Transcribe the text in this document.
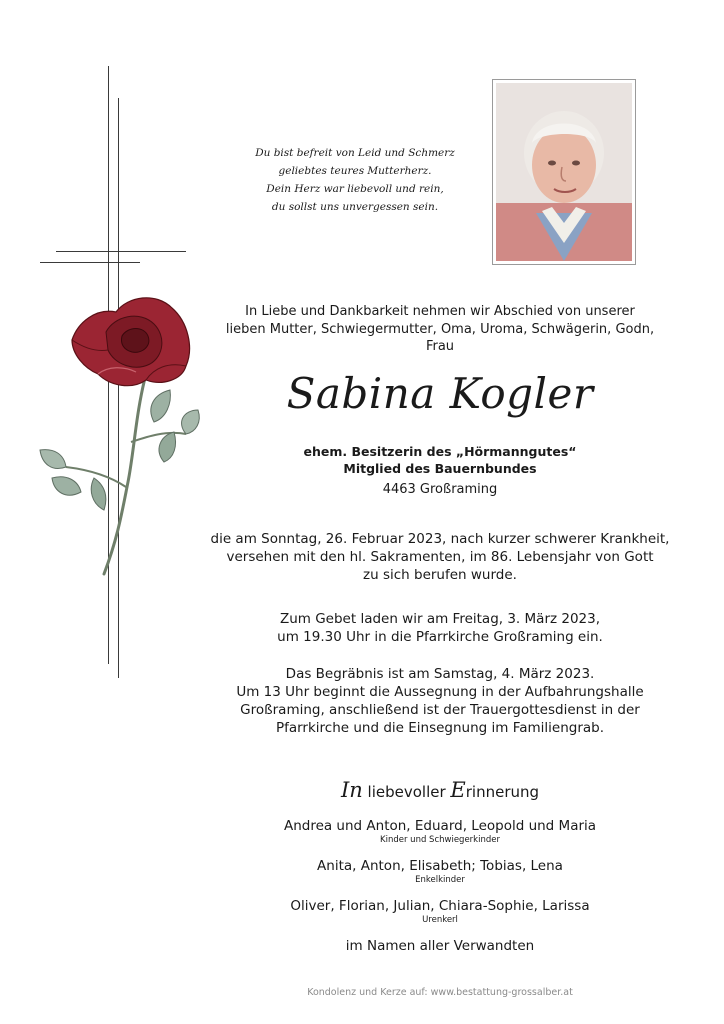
Du bist befreit von Leid und Schmerz
geliebtes teures Mutterherz.
Dein Herz war liebevoll und rein,
du sollst uns unvergessen sein.
In Liebe und Dankbarkeit nehmen wir Abschied von unserer
lieben Mutter, Schwiegermutter, Oma, Uroma, Schwägerin, Godn,
Frau
Sabina Kogler
ehem. Besitzerin des „Hörmanngutes“
Mitglied des Bauernbundes
4463 Großraming
die am Sonntag, 26. Februar 2023, nach kurzer schwerer Krankheit,
versehen mit den hl. Sakramenten, im 86. Lebensjahr von Gott
zu sich berufen wurde.
Zum Gebet laden wir am Freitag, 3. März 2023,
um 19.30 Uhr in die Pfarrkirche Großraming ein.
Das Begräbnis ist am Samstag, 4. März 2023.
Um 13 Uhr beginnt die Aussegnung in der Aufbahrungshalle
Großraming, anschließend ist der Trauergottesdienst in der
Pfarrkirche und die Einsegnung im Familiengrab.
In liebevoller Erinnerung
Andrea und Anton, Eduard, Leopold und Maria
Kinder und Schwiegerkinder
Anita, Anton, Elisabeth; Tobias, Lena
Enkelkinder
Oliver, Florian, Julian, Chiara-Sophie, Larissa
Urenkerl
im Namen aller Verwandten
Kondolenz und Kerze auf: www.bestattung-grossalber.at
